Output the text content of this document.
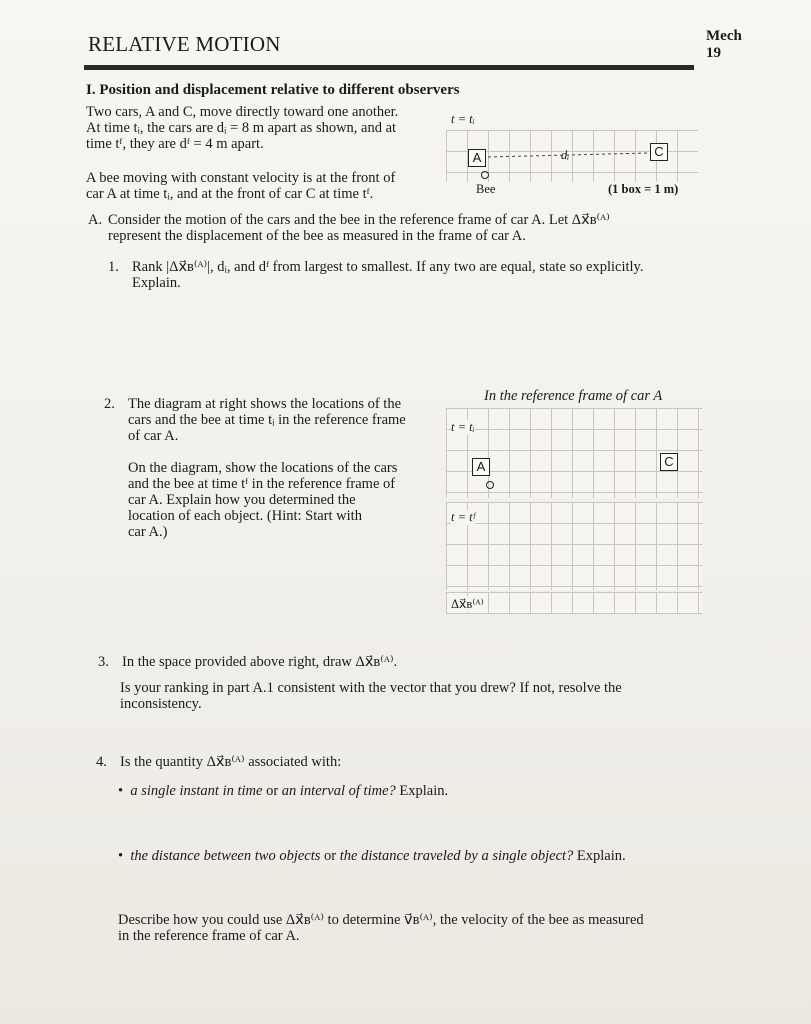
RELATIVE MOTION	Mech
19
I. Position and displacement relative to different observers
Two cars, A and C, move directly toward one another.
At time tᵢ, the cars are dᵢ = 8 m apart as shown, and at
time tᶠ, they are dᶠ = 4 m apart.
A bee moving with constant velocity is at the front of
car A at time tᵢ, and at the front of car C at time tᶠ.
t = tᵢ
A	C
dᵢ
Bee	(1 box = 1 m)
A. Consider the motion of the cars and the bee in the reference frame of car A. Let Δx⃗ʙ⁽ᴬ⁾
represent the displacement of the bee as measured in the frame of car A.
1. Rank |Δx⃗ʙ⁽ᴬ⁾|, dᵢ, and dᶠ from largest to smallest. If any two are equal, state so explicitly.
Explain.
2. The diagram at right shows the locations of the
cars and the bee at time tᵢ in the reference frame
of car A.
On the diagram, show the locations of the cars
and the bee at time tᶠ in the reference frame of
car A. Explain how you determined the
location of each object. (Hint: Start with
car A.)
In the reference frame of car A
t = tᵢ
A	C
t = tᶠ
Δx⃗ʙ⁽ᴬ⁾
3. In the space provided above right, draw Δx⃗ʙ⁽ᴬ⁾.
Is your ranking in part A.1 consistent with the vector that you drew? If not, resolve the
inconsistency.
4. Is the quantity Δx⃗ʙ⁽ᴬ⁾ associated with:
•  a single instant in time or an interval of time? Explain.
•  the distance between two objects or the distance traveled by a single object? Explain.
Describe how you could use Δx⃗ʙ⁽ᴬ⁾ to determine v⃗ʙ⁽ᴬ⁾, the velocity of the bee as measured
in the reference frame of car A.
